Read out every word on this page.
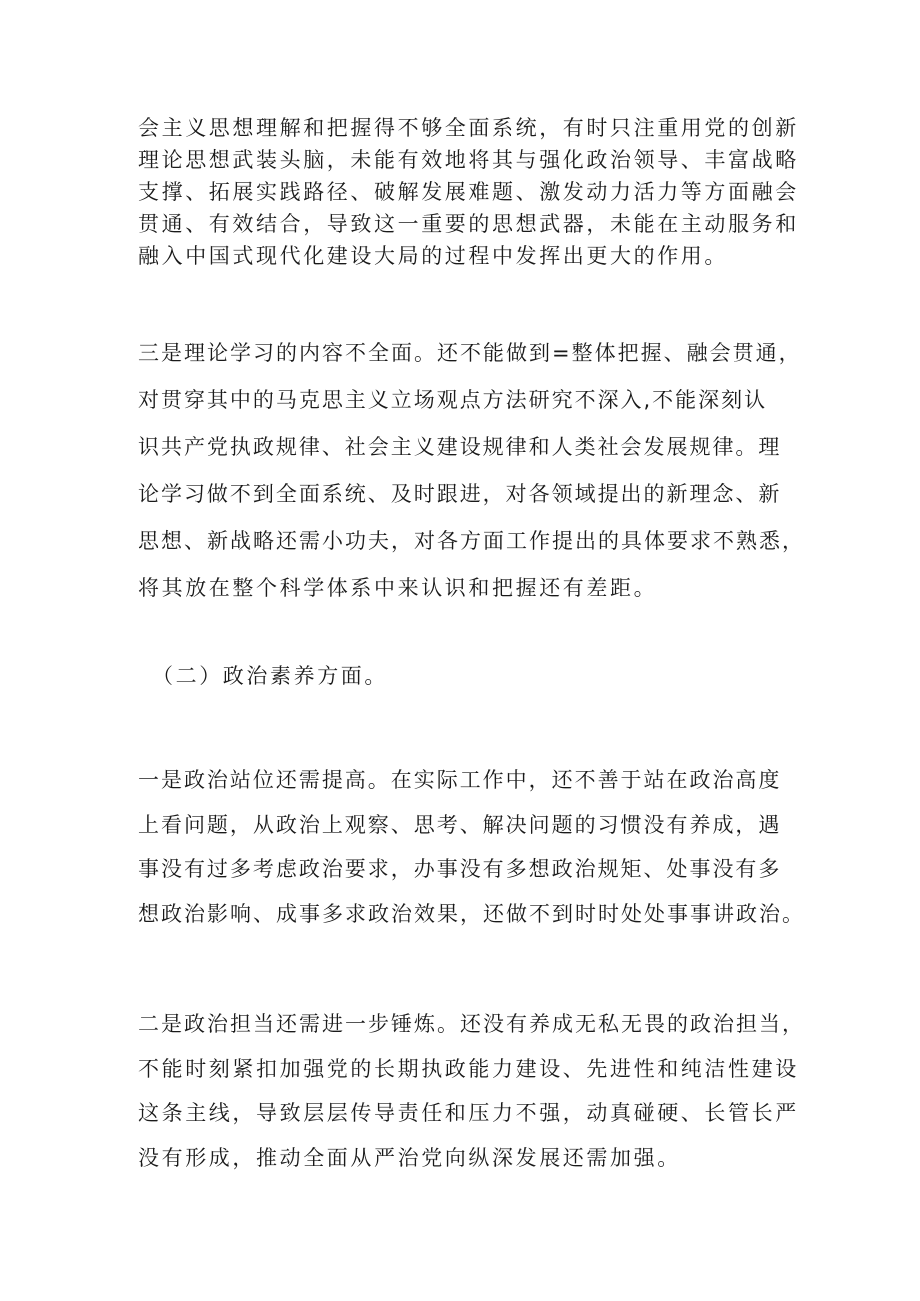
会主义思想理解和把握得不够全面系统，有时只注重用党的创新
理论思想武装头脑，未能有效地将其与强化政治领导、丰富战略
支撑、拓展实践路径、破解发展难题、激发动力活力等方面融会
贯通、有效结合，导致这一重要的思想武器，未能在主动服务和
融入中国式现代化建设大局的过程中发挥出更大的作用。
三是理论学习的内容不全面。还不能做到=整体把握、融会贯通，
对贯穿其中的马克思主义立场观点方法研究不深入,不能深刻认
识共产党执政规律、社会主义建设规律和人类社会发展规律。理
论学习做不到全面系统、及时跟进，对各领域提出的新理念、新
思想、新战略还需小功夫，对各方面工作提出的具体要求不熟悉，
将其放在整个科学体系中来认识和把握还有差距。
（二）政治素养方面。
一是政治站位还需提高。在实际工作中，还不善于站在政治高度
上看问题，从政治上观察、思考、解决问题的习惯没有养成，遇
事没有过多考虑政治要求，办事没有多想政治规矩、处事没有多
想政治影响、成事多求政治效果，还做不到时时处处事事讲政治。
二是政治担当还需进一步锤炼。还没有养成无私无畏的政治担当，
不能时刻紧扣加强党的长期执政能力建设、先进性和纯洁性建设
这条主线，导致层层传导责任和压力不强，动真碰硬、长管长严
没有形成，推动全面从严治党向纵深发展还需加强。
